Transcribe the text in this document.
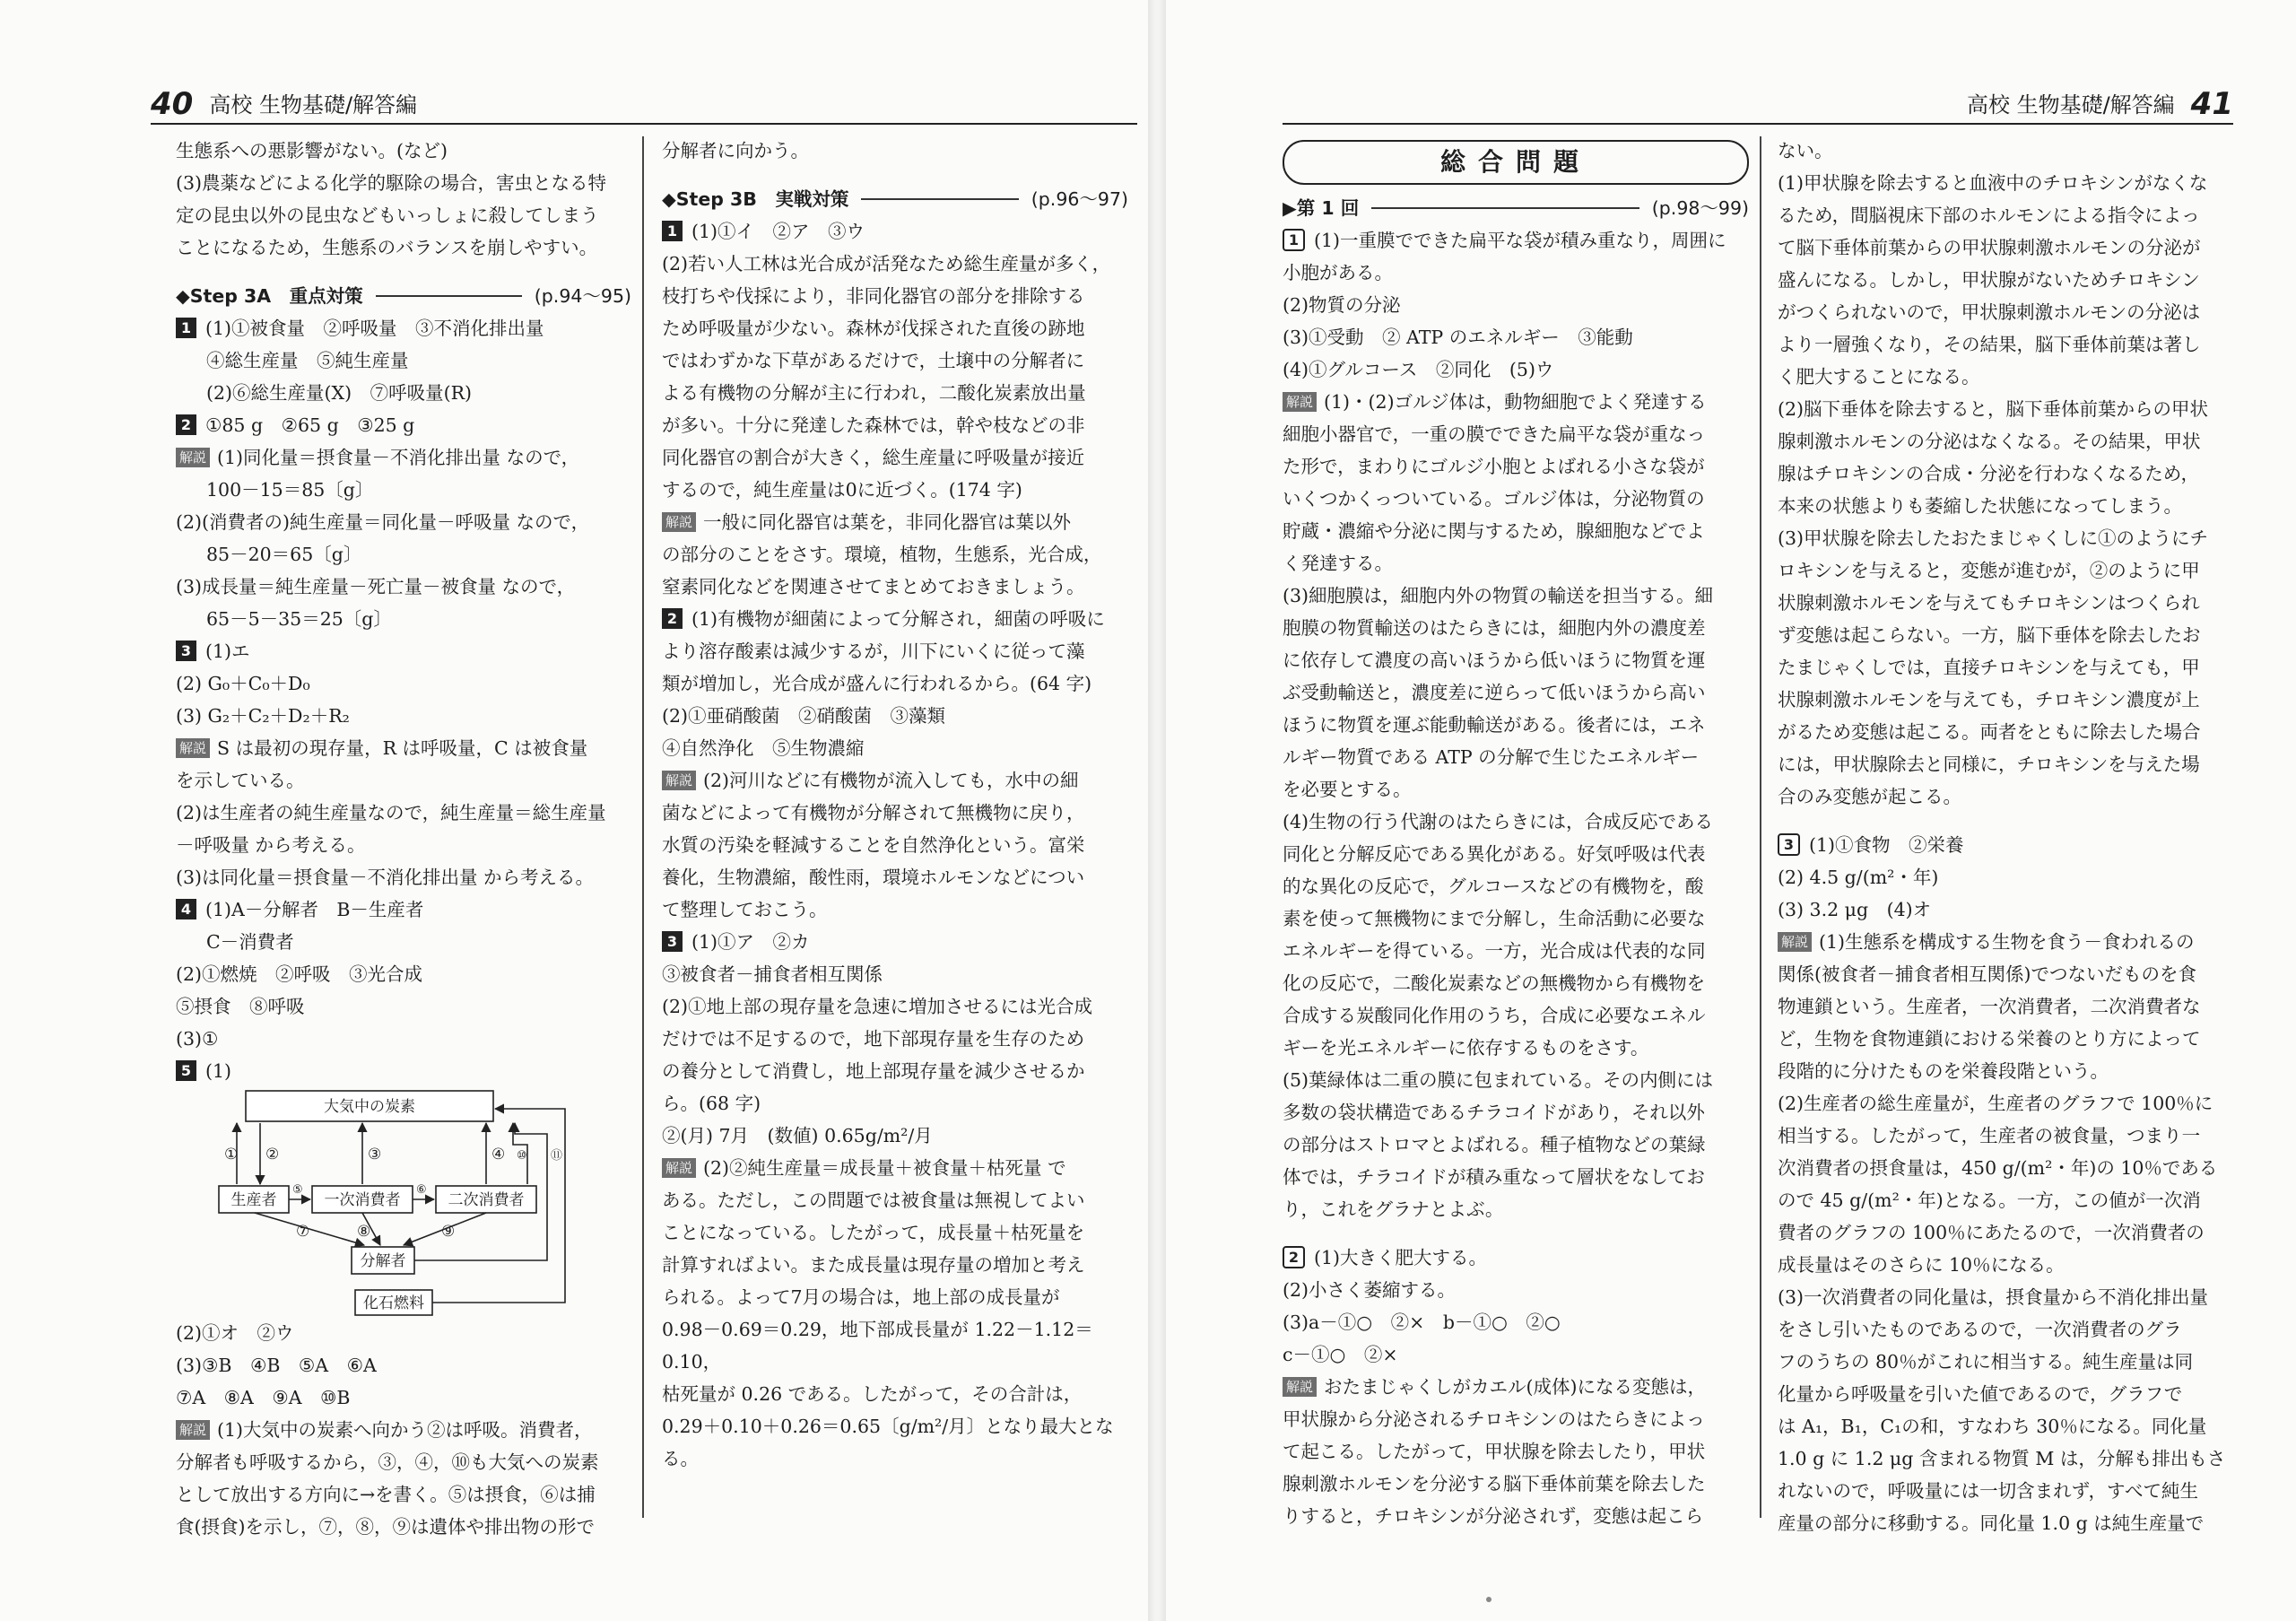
40 高校 生物基礎/解答編

生態系への悪影響がない。(など)

(3)農薬などによる化学的駆除の場合，害虫となる特

定の昆虫以外の昆虫などもいっしょに殺してしまう

ことになるため，生態系のバランスを崩しやすい。

◆Step 3A　重点対策	(p.94～95)

1 (1)①被食量　②呼吸量　③不消化排出量

④総生産量　⑤純生産量

(2)⑥総生産量(X)　⑦呼吸量(R)

2 ①85 g　②65 g　③25 g

解説 (1)同化量＝摂食量－不消化排出量 なので，

100－15＝85〔g〕

(2)(消費者の)純生産量＝同化量－呼吸量 なので，

85－20＝65〔g〕

(3)成長量＝純生産量－死亡量－被食量 なので，

65－5－35＝25〔g〕

3 (1)エ

(2) G₀＋C₀＋D₀

(3) G₂＋C₂＋D₂＋R₂

解説 S は最初の現存量，R は呼吸量，C は被食量

を示している。

(2)は生産者の純生産量なので，純生産量＝総生産量

－呼吸量 から考える。

(3)は同化量＝摂食量－不消化排出量 から考える。

4 (1)A－分解者　B－生産者

C－消費者

(2)①燃焼　②呼吸　③光合成

⑤摂食　⑧呼吸

(3)①

5 (1)

大気中の炭素
生産者	一次消費者	二次消費者
分解者
化石燃料
① ②	③	④
⑤	⑥
⑦	⑧	⑨
⑩ ⑪

(2)①オ　②ウ

(3)③B　④B　⑤A　⑥A

⑦A　⑧A　⑨A　⑩B

解説 (1)大気中の炭素へ向かう②は呼吸。消費者，

分解者も呼吸するから，③，④，⑩も大気への炭素

として放出する方向に→を書く。⑤は摂食，⑥は捕

食(摂食)を示し，⑦，⑧，⑨は遺体や排出物の形で

分解者に向かう。

◆Step 3B　実戦対策	(p.96～97)

1 (1)①イ　②ア　③ウ

(2)若い人工林は光合成が活発なため総生産量が多く，

枝打ちや伐採により，非同化器官の部分を排除する

ため呼吸量が少ない。森林が伐採された直後の跡地

ではわずかな下草があるだけで，土壌中の分解者に

よる有機物の分解が主に行われ，二酸化炭素放出量

が多い。十分に発達した森林では，幹や枝などの非

同化器官の割合が大きく，総生産量に呼吸量が接近

するので，純生産量は0に近づく。(174 字)

解説 一般に同化器官は葉を，非同化器官は葉以外

の部分のことをさす。環境，植物，生態系，光合成，

窒素同化などを関連させてまとめておきましょう。

2 (1)有機物が細菌によって分解され，細菌の呼吸に

より溶存酸素は減少するが，川下にいくに従って藻

類が増加し，光合成が盛んに行われるから。(64 字)

(2)①亜硝酸菌　②硝酸菌　③藻類

④自然浄化　⑤生物濃縮

解説 (2)河川などに有機物が流入しても，水中の細

菌などによって有機物が分解されて無機物に戻り，

水質の汚染を軽減することを自然浄化という。富栄

養化，生物濃縮，酸性雨，環境ホルモンなどについ

て整理しておこう。

3 (1)①ア　②カ

③被食者－捕食者相互関係

(2)①地上部の現存量を急速に増加させるには光合成

だけでは不足するので，地下部現存量を生存のため

の養分として消費し，地上部現存量を減少させるか

ら。(68 字)

②(月) 7月　(数値) 0.65g/m²/月

解説 (2)②純生産量＝成長量＋被食量＋枯死量 で

ある。ただし，この問題では被食量は無視してよい

ことになっている。したがって，成長量＋枯死量を

計算すればよい。また成長量は現存量の増加と考え

られる。よって7月の場合は，地上部の成長量が

0.98－0.69＝0.29，地下部成長量が 1.22－1.12＝0.10，

枯死量が 0.26 である。したがって，その合計は，

0.29＋0.10＋0.26＝0.65〔g/m²/月〕となり最大となる。

高校 生物基礎/解答編 41
総合問題
▶第 1 回	(p.98～99)

1 (1)一重膜でできた扁平な袋が積み重なり，周囲に

小胞がある。

(2)物質の分泌

(3)①受動　② ATP のエネルギー　③能動

(4)①グルコース　②同化　(5)ウ

解説 (1)・(2)ゴルジ体は，動物細胞でよく発達する

細胞小器官で，一重の膜でできた扁平な袋が重なっ

た形で，まわりにゴルジ小胞とよばれる小さな袋が

いくつかくっついている。ゴルジ体は，分泌物質の

貯蔵・濃縮や分泌に関与するため，腺細胞などでよ

く発達する。

(3)細胞膜は，細胞内外の物質の輸送を担当する。細

胞膜の物質輸送のはたらきには，細胞内外の濃度差

に依存して濃度の高いほうから低いほうに物質を運

ぶ受動輸送と，濃度差に逆らって低いほうから高い

ほうに物質を運ぶ能動輸送がある。後者には，エネ

ルギー物質である ATP の分解で生じたエネルギー

を必要とする。

(4)生物の行う代謝のはたらきには，合成反応である

同化と分解反応である異化がある。好気呼吸は代表

的な異化の反応で，グルコースなどの有機物を，酸

素を使って無機物にまで分解し，生命活動に必要な

エネルギーを得ている。一方，光合成は代表的な同

化の反応で，二酸化炭素などの無機物から有機物を

合成する炭酸同化作用のうち，合成に必要なエネル

ギーを光エネルギーに依存するものをさす。

(5)葉緑体は二重の膜に包まれている。その内側には

多数の袋状構造であるチラコイドがあり，それ以外

の部分はストロマとよばれる。種子植物などの葉緑

体では，チラコイドが積み重なって層状をなしてお

り，これをグラナとよぶ。

2 (1)大きく肥大する。

(2)小さく萎縮する。

(3)a－①○　②×　b－①○　②○

c－①○　②×

解説 おたまじゃくしがカエル(成体)になる変態は，

甲状腺から分泌されるチロキシンのはたらきによっ

て起こる。したがって，甲状腺を除去したり，甲状

腺刺激ホルモンを分泌する脳下垂体前葉を除去した

りすると，チロキシンが分泌されず，変態は起こら

ない。

(1)甲状腺を除去すると血液中のチロキシンがなくな

るため，間脳視床下部のホルモンによる指令によっ

て脳下垂体前葉からの甲状腺刺激ホルモンの分泌が

盛んになる。しかし，甲状腺がないためチロキシン

がつくられないので，甲状腺刺激ホルモンの分泌は

より一層強くなり，その結果，脳下垂体前葉は著し

く肥大することになる。

(2)脳下垂体を除去すると，脳下垂体前葉からの甲状

腺刺激ホルモンの分泌はなくなる。その結果，甲状

腺はチロキシンの合成・分泌を行わなくなるため，

本来の状態よりも萎縮した状態になってしまう。

(3)甲状腺を除去したおたまじゃくしに①のようにチ

ロキシンを与えると，変態が進むが，②のように甲

状腺刺激ホルモンを与えてもチロキシンはつくられ

ず変態は起こらない。一方，脳下垂体を除去したお

たまじゃくしでは，直接チロキシンを与えても，甲

状腺刺激ホルモンを与えても，チロキシン濃度が上

がるため変態は起こる。両者をともに除去した場合

には，甲状腺除去と同様に，チロキシンを与えた場

合のみ変態が起こる。

3 (1)①食物　②栄養

(2) 4.5 g/(m²・年)

(3) 3.2 μg　(4)オ

解説 (1)生態系を構成する生物を食う－食われるの

関係(被食者－捕食者相互関係)でつないだものを食

物連鎖という。生産者，一次消費者，二次消費者な

ど，生物を食物連鎖における栄養のとり方によって

段階的に分けたものを栄養段階という。

(2)生産者の総生産量が，生産者のグラフで 100％に

相当する。したがって，生産者の被食量，つまり一

次消費者の摂食量は，450 g/(m²・年)の 10％である

ので 45 g/(m²・年)となる。一方，この値が一次消

費者のグラフの 100％にあたるので，一次消費者の

成長量はそのさらに 10％になる。

(3)一次消費者の同化量は，摂食量から不消化排出量

をさし引いたものであるので，一次消費者のグラ

フのうちの 80％がこれに相当する。純生産量は同

化量から呼吸量を引いた値であるので，グラフで

は A₁，B₁，C₁の和，すなわち 30％になる。同化量

1.0 g に 1.2 μg 含まれる物質 M は，分解も排出もさ

れないので，呼吸量には一切含まれず，すべて純生

産量の部分に移動する。同化量 1.0 g は純生産量で
